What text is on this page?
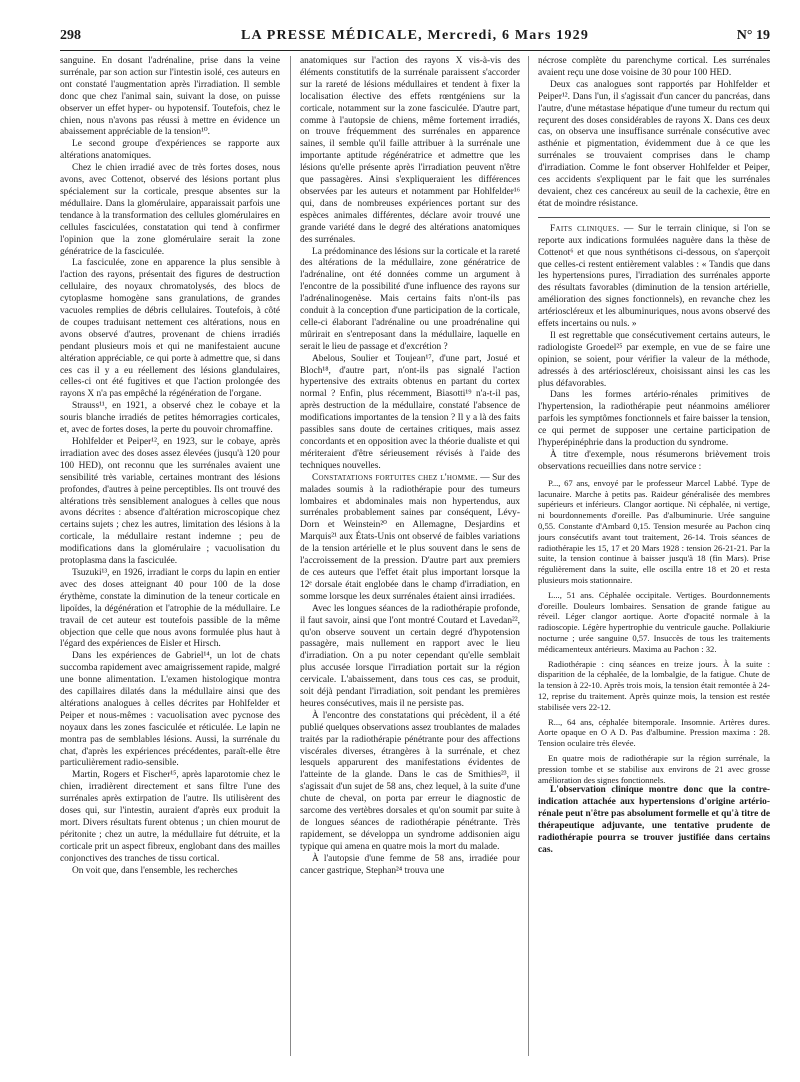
298	LA PRESSE MÉDICALE, Mercredi, 6 Mars 1929	N° 19

sanguine. En dosant l'adrénaline, prise dans la veine surrénale, par son action sur l'intestin isolé, ces auteurs en ont constaté l'augmentation après l'irradiation. Il semble donc que chez l'animal sain, suivant la dose, on puisse observer un effet hyper- ou hypotensif. Toutefois, chez le chien, nous n'avons pas réussi à mettre en évidence un abaissement appréciable de la tension¹⁰.

Le second groupe d'expériences se rapporte aux altérations anatomiques.

Chez le chien irradié avec de très fortes doses, nous avons, avec Cottenot, observé des lésions portant plus spécialement sur la corticale, presque absentes sur la médullaire. Dans la glomérulaire, apparaissait parfois une tendance à la transformation des cellules glomérulaires en cellules fasciculées, constatation qui tend à confirmer l'opinion que la zone glomérulaire serait la zone génératrice de la fasciculée.

La fasciculée, zone en apparence la plus sensible à l'action des rayons, présentait des figures de destruction cellulaire, des noyaux chromatolysés, des blocs de cytoplasme homogène sans granulations, de grandes vacuoles remplies de débris cellulaires. Toutefois, à côté de coupes traduisant nettement ces altérations, nous en avons observé d'autres, provenant de chiens irradiés pendant plusieurs mois et qui ne manifestaient aucune altération appréciable, ce qui porte à admettre que, si dans ces cas il y a eu réellement des lésions glandulaires, celles-ci ont été fugitives et que l'action prolongée des rayons X n'a pas empêché la régénération de l'organe.

Strauss¹¹, en 1921, a observé chez le cobaye et la souris blanche irradiés de petites hémorragies corticales, et, avec de fortes doses, la perte du pouvoir chromaffine.

Hohlfelder et Peiper¹², en 1923, sur le cobaye, après irradiation avec des doses assez élevées (jusqu'à 120 pour 100 HED), ont reconnu que les surrénales avaient une sensibilité très variable, certaines montrant des lésions profondes, d'autres à peine perceptibles. Ils ont trouvé des altérations très sensiblement analogues à celles que nous avons décrites : absence d'altération microscopique chez certains sujets ; chez les autres, limitation des lésions à la corticale, la médullaire restant indemne ; peu de modifications dans la glomérulaire ; vacuolisation du protoplasma dans la fasciculée.

Tsuzuki¹³, en 1926, irradiant le corps du lapin en entier avec des doses atteignant 40 pour 100 de la dose érythème, constate la diminution de la teneur corticale en lipoïdes, la dégénération et l'atrophie de la médullaire. Le travail de cet auteur est toutefois passible de la même objection que celle que nous avons formulée plus haut à l'égard des expériences de Eisler et Hirsch.

Dans les expériences de Gabriel¹⁴, un lot de chats succomba rapidement avec amaigrissement rapide, malgré une bonne alimentation. L'examen histologique montra des capillaires dilatés dans la médullaire ainsi que des altérations analogues à celles décrites par Hohlfelder et Peiper et nous-mêmes : vacuolisation avec pycnose des noyaux dans les zones fasciculée et réticulée. Le lapin ne montra pas de semblables lésions. Aussi, la surrénale du chat, d'après les expériences précédentes, paraît-elle être particulièrement radio-sensible.

Martin, Rogers et Fischer¹⁵, après laparotomie chez le chien, irradièrent directement et sans filtre l'une des surrénales après extirpation de l'autre. Ils utilisèrent des doses qui, sur l'intestin, auraient d'après eux produit la mort. Divers résultats furent obtenus ; un chien mourut de péritonite ; chez un autre, la médullaire fut détruite, et la corticale prit un aspect fibreux, englobant dans des mailles conjonctives des tranches de tissu cortical.

On voit que, dans l'ensemble, les recherches

anatomiques sur l'action des rayons X vis-à-vis des éléments constitutifs de la surrénale paraissent s'accorder sur la rareté de lésions médullaires et tendent à fixer la localisation élective des effets rœntgéniens sur la corticale, notamment sur la zone fasciculée. D'autre part, comme à l'autopsie de chiens, même fortement irradiés, on trouve fréquemment des surrénales en apparence saines, il semble qu'il faille attribuer à la surrénale une importante aptitude régénératrice et admettre que les lésions qu'elle présente après l'irradiation peuvent n'être que passagères. Ainsi s'expliqueraient les différences observées par les auteurs et notamment par Hohlfelder¹⁶ qui, dans de nombreuses expériences portant sur des espèces animales différentes, déclare avoir trouvé une grande variété dans le degré des altérations anatomiques des surrénales.

La prédominance des lésions sur la corticale et la rareté des altérations de la médullaire, zone génératrice de l'adrénaline, ont été données comme un argument à l'encontre de la possibilité d'une influence des rayons sur l'adrénalinogenèse. Mais certains faits n'ont-ils pas conduit à la conception d'une participation de la corticale, celle-ci élaborant l'adrénaline ou une proadrénaline qui mûrirait en s'entreposant dans la médullaire, laquelle en serait le lieu de passage et d'excrétion ?

Abelous, Soulier et Toujean¹⁷, d'une part, Josué et Bloch¹⁸, d'autre part, n'ont-ils pas signalé l'action hypertensive des extraits obtenus en partant du cortex normal ? Enfin, plus récemment, Biasotti¹⁹ n'a-t-il pas, après destruction de la médullaire, constaté l'absence de modifications importantes de la tension ? Il y a là des faits passibles sans doute de certaines critiques, mais assez concordants et en opposition avec la théorie dualiste et qui mériteraient d'être sérieusement révisés à l'aide des techniques nouvelles.

Constatations fortuites chez l'homme. — Sur des malades soumis à la radiothérapie pour des tumeurs lombaires et abdominales mais non hypertendus, aux surrénales probablement saines par conséquent, Lévy-Dorn et Weinstein²⁰ en Allemagne, Desjardins et Marquis²¹ aux États-Unis ont observé de faibles variations de la tension artérielle et le plus souvent dans le sens de l'accroissement de la pression. D'autre part aux premiers de ces auteurs que l'effet était plus important lorsque la 12ᵉ dorsale était englobée dans le champ d'irradiation, en somme lorsque les deux surrénales étaient ainsi irradiées.

Avec les longues séances de la radiothérapie profonde, il faut savoir, ainsi que l'ont montré Coutard et Lavedan²², qu'on observe souvent un certain degré d'hypotension passagère, mais nullement en rapport avec le lieu d'irradiation. On a pu noter cependant qu'elle semblait plus accusée lorsque l'irradiation portait sur la région cervicale. L'abaissement, dans tous ces cas, se produit, soit déjà pendant l'irradiation, soit pendant les premières heures consécutives, mais il ne persiste pas.

À l'encontre des constatations qui précèdent, il a été publié quelques observations assez troublantes de malades traités par la radiothérapie pénétrante pour des affections viscérales diverses, étrangères à la surrénale, et chez lesquels apparurent des manifestations évidentes de l'atteinte de la glande. Dans le cas de Smithies²³, il s'agissait d'un sujet de 58 ans, chez lequel, à la suite d'une chute de cheval, on porta par erreur le diagnostic de sarcome des vertèbres dorsales et qu'on soumit par suite à de longues séances de radiothérapie pénétrante. Très rapidement, se développa un syndrome addisonien aigu typique qui amena en quatre mois la mort du malade.

À l'autopsie d'une femme de 58 ans, irradiée pour cancer gastrique, Stephan²⁴ trouva une

nécrose complète du parenchyme cortical. Les surrénales avaient reçu une dose voisine de 30 pour 100 HED.

Deux cas analogues sont rapportés par Hohlfelder et Peiper¹². Dans l'un, il s'agissait d'un cancer du pancréas, dans l'autre, d'une métastase hépatique d'une tumeur du rectum qui reçurent des doses considérables de rayons X. Dans ces deux cas, on observa une insuffisance surrénale consécutive avec asthénie et pigmentation, évidemment due à ce que les surrénales se trouvaient comprises dans le champ d'irradiation. Comme le font observer Hohlfelder et Peiper, ces accidents s'expliquent par le fait que les surrénales devaient, chez ces cancéreux au seuil de la cachexie, être en état de moindre résistance.

Faits cliniques. — Sur le terrain clinique, si l'on se reporte aux indications formulées naguère dans la thèse de Cottenot⁶ et que nous synthétisons ci-dessous, on s'aperçoit que celles-ci restent entièrement valables : « Tandis que dans les hypertensions pures, l'irradiation des surrénales apporte des résultats favorables (diminution de la tension artérielle, amélioration des signes fonctionnels), en revanche chez les artérioscléreux et les albuminuriques, nous avons observé des effets incertains ou nuls. »

Il est regrettable que consécutivement certains auteurs, le radiologiste Groedel²⁵ par exemple, en vue de se faire une opinion, se soient, pour vérifier la valeur de la méthode, adressés à des artérioscléreux, choisissant ainsi les cas les plus défavorables.

Dans les formes artério-rénales primitives de l'hypertension, la radiothérapie peut néanmoins améliorer parfois les symptômes fonctionnels et faire baisser la tension, ce qui permet de supposer une certaine participation de l'hyperépinéphrie dans la production du syndrome.

À titre d'exemple, nous résumerons brièvement trois observations recueillies dans notre service :

P..., 67 ans, envoyé par le professeur Marcel Labbé. Type de lacunaire. Marche à petits pas. Raideur généralisée des membres supérieurs et inférieurs. Clangor aortique. Ni céphalée, ni vertige, ni bourdonnements d'oreille. Pas d'albuminurie. Urée sanguine 0,55. Constante d'Ambard 0,15. Tension mesurée au Pachon cinq jours consécutifs avant tout traitement, 26-14. Trois séances de radiothérapie les 15, 17 et 20 Mars 1928 : tension 26-21-21. Par la suite, la tension continue à baisser jusqu'à 18 (fin Mars). Prise régulièrement dans la suite, elle oscilla entre 18 et 20 et resta plusieurs mois stationnaire.

L..., 51 ans. Céphalée occipitale. Vertiges. Bourdonnements d'oreille. Douleurs lombaires. Sensation de grande fatigue au réveil. Léger clangor aortique. Aorte d'opacité normale à la radioscopie. Légère hypertrophie du ventricule gauche. Pollakiurie nocturne ; urée sanguine 0,57. Insuccès de tous les traitements médicamenteux antérieurs. Maxima au Pachon : 32.

Radiothérapie : cinq séances en treize jours. À la suite : disparition de la céphalée, de la lombalgie, de la fatigue. Chute de la tension à 22-10. Après trois mois, la tension était remontée à 24-12, reprise du traitement. Après quinze mois, la tension est restée stabilisée vers 22-12.

R..., 64 ans, céphalée bitemporale. Insomnie. Artères dures. Aorte opaque en O A D. Pas d'albumine. Pression maxima : 28. Tension oculaire très élevée.

En quatre mois de radiothérapie sur la région surrénale, la pression tombe et se stabilise aux environs de 21 avec grosse amélioration des signes fonctionnels.

L'observation clinique montre donc que la contre-indication attachée aux hypertensions d'origine artério-rénale peut n'être pas absolument formelle et qu'à titre de thérapeutique adjuvante, une tentative prudente de radiothérapie pourra se trouver justifiée dans certains cas.
